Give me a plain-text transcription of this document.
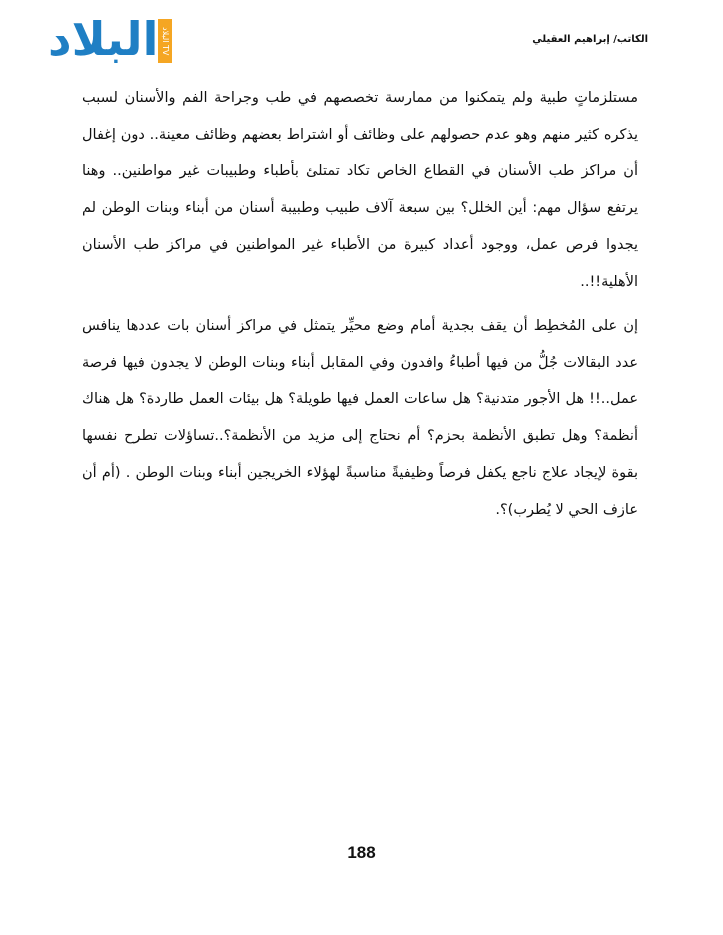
البلاد البلاد TV
الكاتب/ إبراهيم العقيلي
مستلزماتٍ طبية ولم يتمكنوا من ممارسة تخصصهم في طب وجراحة الفم والأسنان لسبب يذكره كثير منهم وهو عدم حصولهم على وظائف أو اشتراط بعضهم وظائف معينة.. دون إغفال أن مراكز طب الأسنان في القطاع الخاص تكاد تمتلئ بأطباء وطبيبات غير مواطنين.. وهنا يرتفع سؤال مهم: أين الخلل؟ بين سبعة آلاف طبيب وطبيبة أسنان من أبناء وبنات الوطن لم يجدوا فرص عمل، ووجود أعداد كبيرة من الأطباء غير المواطنين في مراكز طب الأسنان الأهلية!!..
إن على المُخطِط أن يقف بجدية أمام وضع محيِّر يتمثل في مراكز أسنان بات عددها ينافس عدد البقالات جُلُّ من فيها أطباءُ وافدون وفي المقابل أبناء وبنات الوطن لا يجدون فيها فرصة عمل..!! هل الأجور متدنية؟ هل ساعات العمل فيها طويلة؟ هل بيئات العمل طاردة؟ هل هناك أنظمة؟ وهل تطبق الأنظمة بحزم؟ أم نحتاج إلى مزيد من الأنظمة؟..تساؤلات تطرح نفسها بقوة لإيجاد علاج ناجع يكفل فرصاً وظيفيةً مناسبةً لهؤلاء الخريجين أبناء وبنات الوطن . (أم أن عازف الحي لا يُطرب)؟.
188
